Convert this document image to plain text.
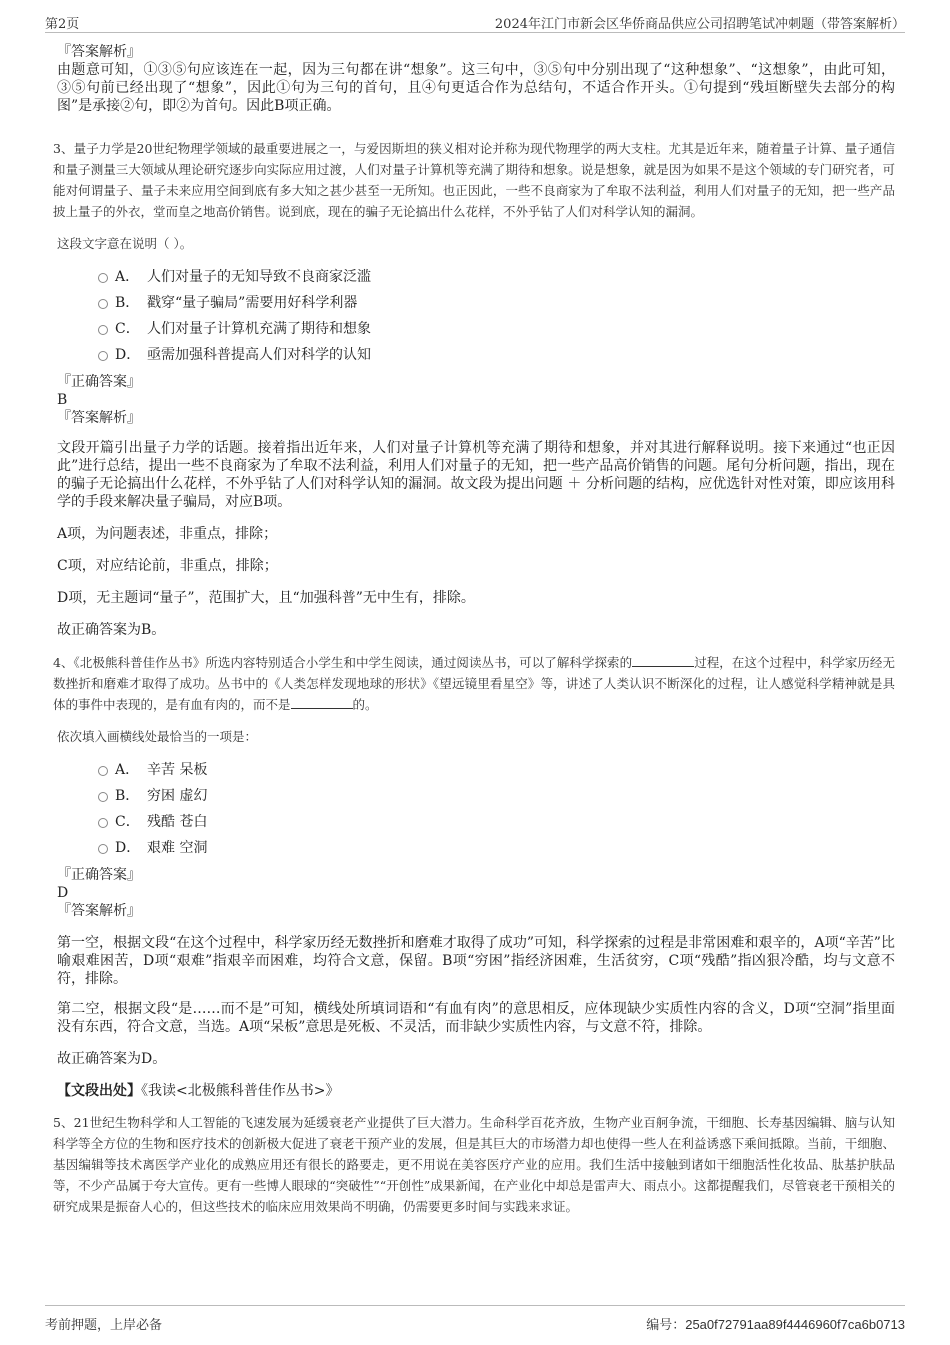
第2页	2024年江门市新会区华侨商品供应公司招聘笔试冲刺题（带答案解析）

『答案解析』

由题意可知，①③⑤句应该连在一起，因为三句都在讲“想象”。这三句中，③⑤句中分别出现了“这种想象”、“这想象”，由此可知，③⑤句前已经出现了“想象”，因此①句为三句的首句，且④句更适合作为总结句，不适合作开头。①句提到“残垣断壁失去部分的构图”是承接②句，即②为首句。因此B项正确。

3、量子力学是20世纪物理学领域的最重要进展之一，与爱因斯坦的狭义相对论并称为现代物理学的两大支柱。尤其是近年来，随着量子计算、量子通信和量子测量三大领域从理论研究逐步向实际应用过渡，人们对量子计算机等充满了期待和想象。说是想象，就是因为如果不是这个领域的专门研究者，可能对何谓量子、量子未来应用空间到底有多大知之甚少甚至一无所知。也正因此，一些不良商家为了牟取不法利益，利用人们对量子的无知，把一些产品披上量子的外衣，堂而皇之地高价销售。说到底，现在的骗子无论搞出什么花样，不外乎钻了人们对科学认知的漏洞。

这段文字意在说明（ ）。

A． 人们对量子的无知导致不良商家泛滥
B． 戳穿“量子骗局”需要用好科学利器
C． 人们对量子计算机充满了期待和想象
D． 亟需加强科普提高人们对科学的认知

『正确答案』

B

『答案解析』

文段开篇引出量子力学的话题。接着指出近年来，人们对量子计算机等充满了期待和想象，并对其进行解释说明。接下来通过“也正因此”进行总结，提出一些不良商家为了牟取不法利益，利用人们对量子的无知，把一些产品高价销售的问题。尾句分析问题，指出，现在的骗子无论搞出什么花样，不外乎钻了人们对科学认知的漏洞。故文段为提出问题 ＋ 分析问题的结构，应优选针对性对策，即应该用科学的手段来解决量子骗局，对应B项。

A项，为问题表述，非重点，排除；

C项，对应结论前，非重点，排除；

D项，无主题词“量子”，范围扩大，且“加强科普”无中生有，排除。

故正确答案为B。

4、《北极熊科普佳作丛书》所选内容特别适合小学生和中学生阅读，通过阅读丛书，可以了解科学探索的	过程，在这个过程中，科学家历经无数挫折和磨难才取得了成功。丛书中的《人类怎样发现地球的形状》《望远镜里看星空》等，讲述了人类认识不断深化的过程，让人感觉科学精神就是具体的事件中表现的，是有血有肉的，而不是	的。

依次填入画横线处最恰当的一项是：

A． 辛苦 呆板
B． 穷困 虚幻
C． 残酷 苍白
D． 艰难 空洞

『正确答案』

D

『答案解析』

第一空，根据文段“在这个过程中，科学家历经无数挫折和磨难才取得了成功”可知，科学探索的过程是非常困难和艰辛的，A项“辛苦”比喻艰难困苦，D项“艰难”指艰辛而困难，均符合文意，保留。B项“穷困”指经济困难，生活贫穷，C项“残酷”指凶狠冷酷，均与文意不符，排除。

第二空，根据文段“是……而不是”可知，横线处所填词语和“有血有肉”的意思相反，应体现缺少实质性内容的含义，D项“空洞”指里面没有东西，符合文意，当选。A项“呆板”意思是死板、不灵活，而非缺少实质性内容，与文意不符，排除。

故正确答案为D。

【文段出处】《我读<北极熊科普佳作丛书>》

5、21世纪生物科学和人工智能的飞速发展为延缓衰老产业提供了巨大潜力。生命科学百花齐放，生物产业百舸争流，干细胞、长寿基因编辑、脑与认知科学等全方位的生物和医疗技术的创新极大促进了衰老干预产业的发展，但是其巨大的市场潜力却也使得一些人在利益诱惑下乘间抵隙。当前，干细胞、基因编辑等技术离医学产业化的成熟应用还有很长的路要走，更不用说在美容医疗产业的应用。我们生活中接触到诸如干细胞活性化妆品、肽基护肤品等，不少产品属于夸大宣传。更有一些博人眼球的“突破性”“开创性”成果新闻，在产业化中却总是雷声大、雨点小。这都提醒我们，尽管衰老干预相关的研究成果是振奋人心的，但这些技术的临床应用效果尚不明确，仍需要更多时间与实践来求证。

考前押题，上岸必备	编号：25a0f72791aa89f4446960f7ca6b0713
